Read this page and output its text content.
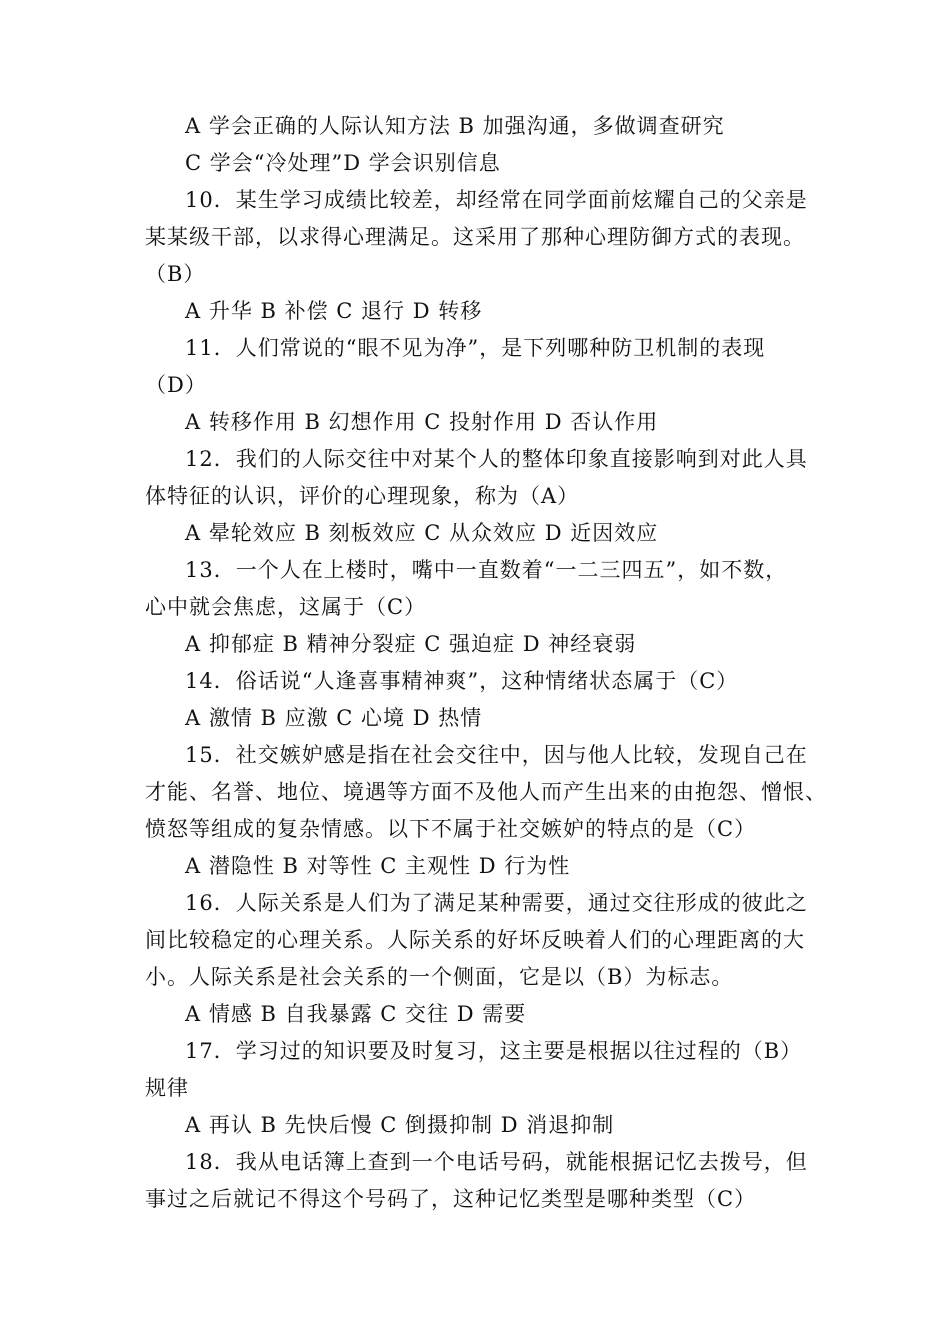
A 学会正确的人际认知方法 B 加强沟通，多做调查研究
C 学会“冷处理”D 学会识别信息
10．某生学习成绩比较差，却经常在同学面前炫耀自己的父亲是
某某级干部，以求得心理满足。这采用了那种心理防御方式的表现。
（B）
A 升华 B 补偿 C 退行 D 转移
11．人们常说的“眼不见为净”，是下列哪种防卫机制的表现
（D）
A 转移作用 B 幻想作用 C 投射作用 D 否认作用
12．我们的人际交往中对某个人的整体印象直接影响到对此人具
体特征的认识，评价的心理现象，称为（A）
A 晕轮效应 B 刻板效应 C 从众效应 D 近因效应
13．一个人在上楼时，嘴中一直数着“一二三四五”，如不数，
心中就会焦虑，这属于（C）
A 抑郁症 B 精神分裂症 C 强迫症 D 神经衰弱
14．俗话说“人逢喜事精神爽”，这种情绪状态属于（C）
A 激情 B 应激 C 心境 D 热情
15．社交嫉妒感是指在社会交往中，因与他人比较，发现自己在
才能、名誉、地位、境遇等方面不及他人而产生出来的由抱怨、憎恨、
愤怒等组成的复杂情感。以下不属于社交嫉妒的特点的是（C）
A 潜隐性 B 对等性 C 主观性 D 行为性
16．人际关系是人们为了满足某种需要，通过交往形成的彼此之
间比较稳定的心理关系。人际关系的好坏反映着人们的心理距离的大
小。人际关系是社会关系的一个侧面，它是以（B）为标志。
A 情感 B 自我暴露 C 交往 D 需要
17．学习过的知识要及时复习，这主要是根据以往过程的（B）
规律
A 再认 B 先快后慢 C 倒摄抑制 D 消退抑制
18．我从电话簿上查到一个电话号码，就能根据记忆去拨号，但
事过之后就记不得这个号码了，这种记忆类型是哪种类型（C）
